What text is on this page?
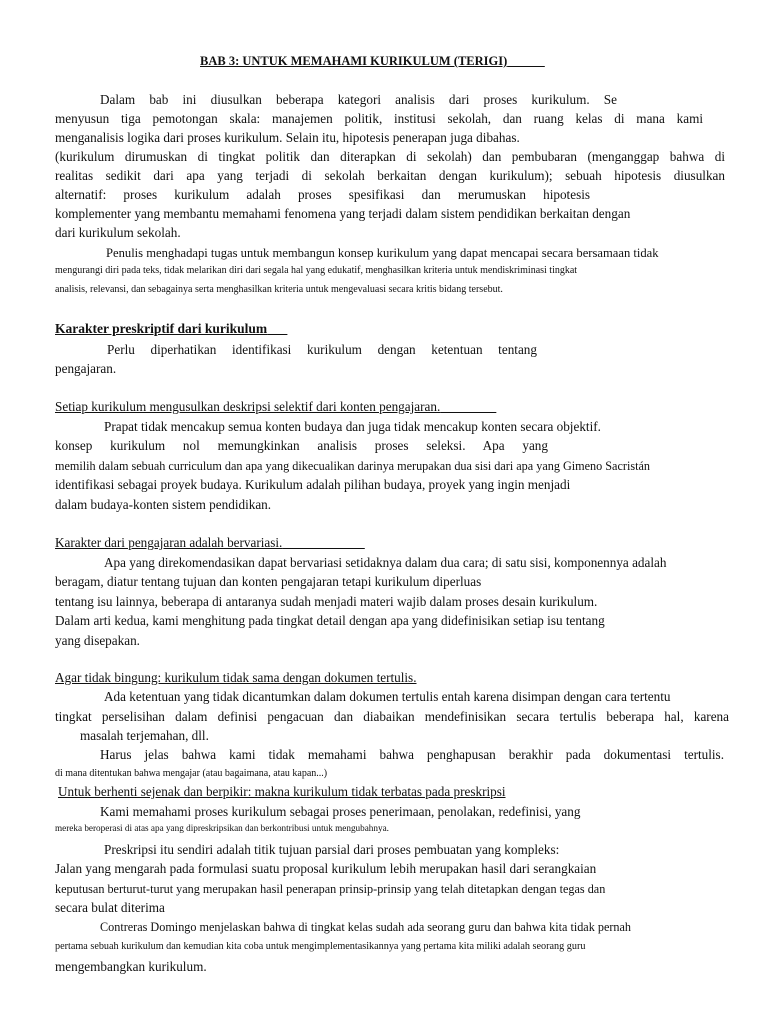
BAB 3: UNTUK MEMAHAMI KURIKULUM (TERIGI)
Dalam bab ini diusulkan beberapa kategori analisis dari proses kurikulum. Se
menyusun tiga pemotongan skala: manajemen politik, institusi sekolah, dan ruang kelas di mana kami
menganalisis logika dari proses kurikulum. Selain itu, hipotesis penerapan juga dibahas.
(kurikulum dirumuskan di tingkat politik dan diterapkan di sekolah) dan pembubaran (menganggap bahwa di
realitas sedikit dari apa yang terjadi di sekolah berkaitan dengan kurikulum); sebuah hipotesis diusulkan
alternatif: proses kurikulum adalah proses spesifikasi dan merumuskan hipotesis
komplementer yang membantu memahami fenomena yang terjadi dalam sistem pendidikan berkaitan dengan
dari kurikulum sekolah.
Penulis menghadapi tugas untuk membangun konsep kurikulum yang dapat mencapai secara bersamaan tidak
mengurangi diri pada teks, tidak melarikan diri dari segala hal yang edukatif, menghasilkan kriteria untuk mendiskriminasi tingkat
analisis, relevansi, dan sebagainya serta menghasilkan kriteria untuk mengevaluasi secara kritis bidang tersebut.
Karakter preskriptif dari kurikulum
Perlu diperhatikan identifikasi kurikulum dengan ketentuan tentang
pengajaran.
Setiap kurikulum mengusulkan deskripsi selektif dari konten pengajaran.
Prapat tidak mencakup semua konten budaya dan juga tidak mencakup konten secara objektif.
konsep kurikulum nol memungkinkan analisis proses seleksi. Apa yang
memilih dalam sebuah curriculum dan apa yang dikecualikan darinya merupakan dua sisi dari apa yang Gimeno Sacristán
identifikasi sebagai proyek budaya. Kurikulum adalah pilihan budaya, proyek yang ingin menjadi
dalam budaya-konten sistem pendidikan.
Karakter dari pengajaran adalah bervariasi.
Apa yang direkomendasikan dapat bervariasi setidaknya dalam dua cara; di satu sisi, komponennya adalah
beragam, diatur tentang tujuan dan konten pengajaran tetapi kurikulum diperluas
tentang isu lainnya, beberapa di antaranya sudah menjadi materi wajib dalam proses desain kurikulum.
Dalam arti kedua, kami menghitung pada tingkat detail dengan apa yang didefinisikan setiap isu tentang
yang disepakan.
Agar tidak bingung: kurikulum tidak sama dengan dokumen tertulis.
Ada ketentuan yang tidak dicantumkan dalam dokumen tertulis entah karena disimpan dengan cara tertentu
tingkat perselisihan dalam definisi pengacuan dan diabaikan mendefinisikan secara tertulis beberapa hal, karena
masalah terjemahan, dll.
Harus jelas bahwa kami tidak memahami bahwa penghapusan berakhir pada dokumentasi tertulis.
di mana ditentukan bahwa mengajar (atau bagaimana, atau kapan...)
Untuk berhenti sejenak dan berpikir: makna kurikulum tidak terbatas pada preskripsi
Kami memahami proses kurikulum sebagai proses penerimaan, penolakan, redefinisi, yang
mereka beroperasi di atas apa yang dipreskripsikan dan berkontribusi untuk mengubahnya.
Preskripsi itu sendiri adalah titik tujuan parsial dari proses pembuatan yang kompleks:
Jalan yang mengarah pada formulasi suatu proposal kurikulum lebih merupakan hasil dari serangkaian
keputusan berturut-turut yang merupakan hasil penerapan prinsip-prinsip yang telah ditetapkan dengan tegas dan
secara bulat diterima
Contreras Domingo menjelaskan bahwa di tingkat kelas sudah ada seorang guru dan bahwa kita tidak pernah
pertama sebuah kurikulum dan kemudian kita coba untuk mengimplementasikannya yang pertama kita miliki adalah seorang guru
mengembangkan kurikulum.
